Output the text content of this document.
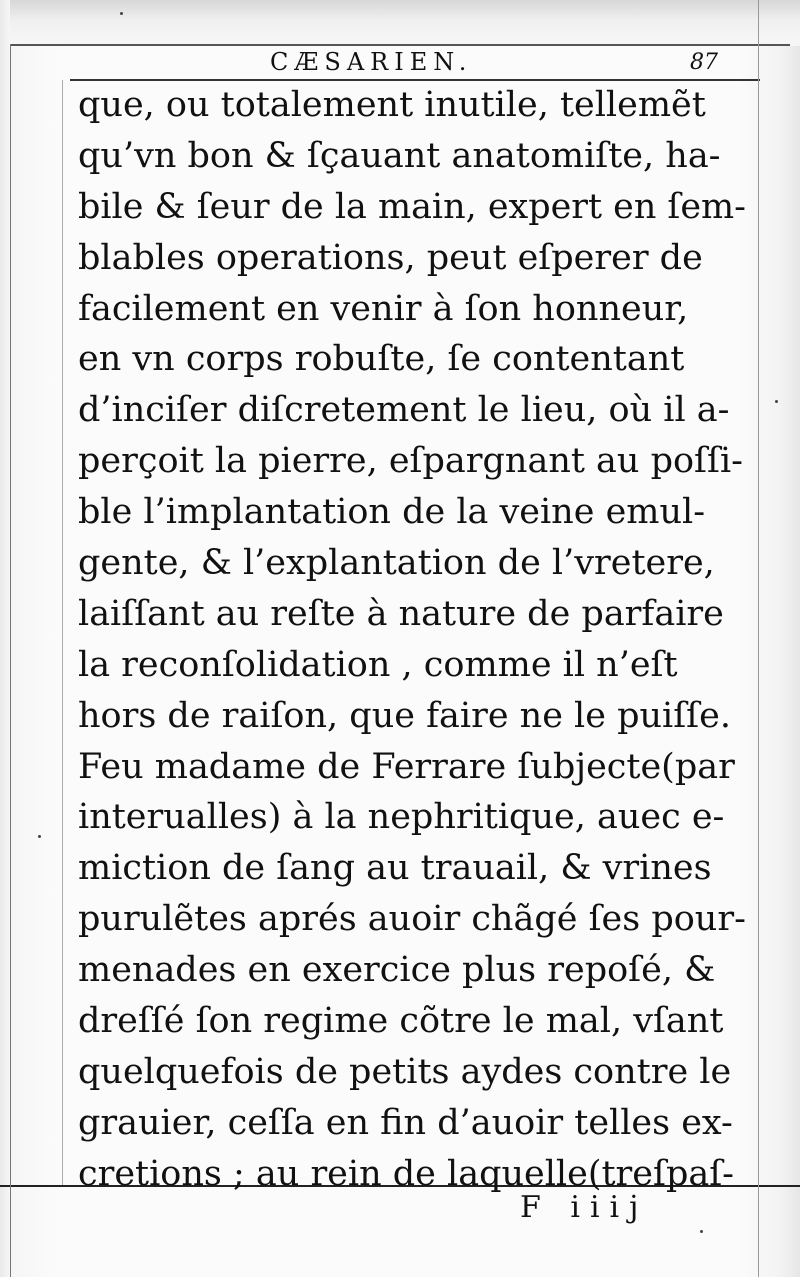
CÆSARIEN.	87
que, ou totalement inutile, tellemẽt
qu’vn bon & ſçauant anatomiſte, ha-
bile & ſeur de la main, expert en ſem-
blables operations, peut eſperer de
facilement en venir à ſon honneur,
en vn corps robuſte, ſe contentant
d’inciſer diſcretement le lieu, où il a-
perçoit la pierre, eſpargnant au poſſi-
ble l’implantation de la veine emul-
gente, & l’explantation de l’vretere,
laiſſant au reſte à nature de parfaire
la reconſolidation , comme il n’eſt
hors de raiſon, que faire ne le puiſſe.
Feu madame de Ferrare ſubjecte(par
interualles) à la nephritique, auec e-
miction de ſang au trauail, & vrines
purulẽtes aprés auoir chãgé ſes pour-
menades en exercice plus repoſé, &
dreſſé ſon regime cõtre le mal, vſant
quelquefois de petits aydes contre le
grauier, ceſſa en fin d’auoir telles ex-
cretions ; au rein de laquelle(treſpaſ-
F iiij
